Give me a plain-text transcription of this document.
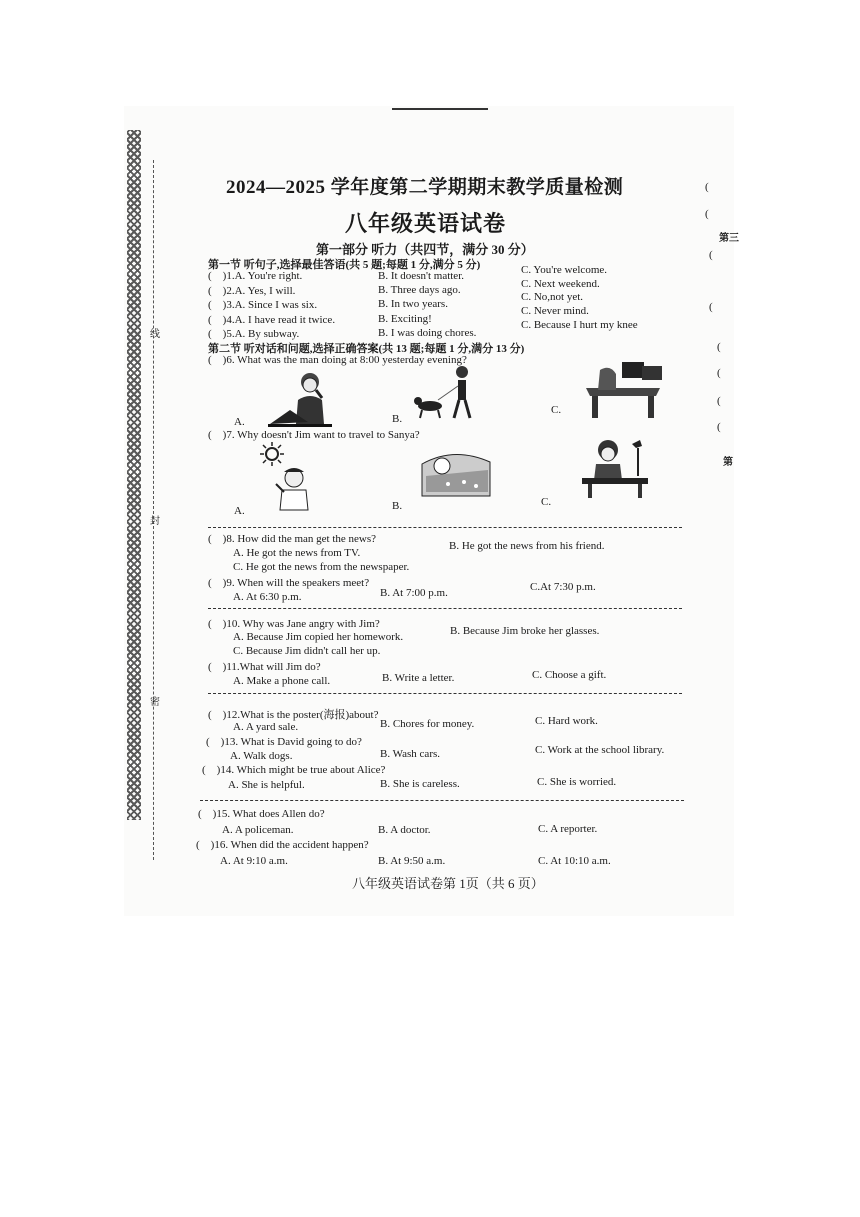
线
封
密
(
(
第三
(
(
(
(
(
(
第
2024—2025 学年度第二学期期末教学质量检测
八年级英语试卷
第一部分 听力（共四节，满分 30 分）
第一节 听句子,选择最佳答语(共 5 题;每题 1 分,满分 5 分)
(    )1.A. You're right.	B. It doesn't matter.	C. You're welcome.
(    )2.A. Yes, I will.	B. Three days ago.	C. Next weekend.
(    )3.A. Since I was six.	B. In two years.
C. No,not yet.
(    )4.A. I have read it twice.	B. Exciting!
C. Never mind.
(    )5.A. By subway.	B. I was doing chores.
C. Because I hurt my knee
第二节 听对话和问题,选择正确答案(共 13 题;每题 1 分,满分 13 分)
(    )6. What was the man doing at 8:00 yesterday evening?
A.	B.
C.
(    )7. Why doesn't Jim want to travel to Sanya?
A.	B.	C.
(    )8. How did the man get the news?
A. He got the news from TV.
B. He got the news from his friend.
C. He got the news from the newspaper.
(    )9. When will the speakers meet?
A. At 6:30 p.m.	B. At 7:00 p.m.	C.At 7:30 p.m.
(    )10. Why was Jane angry with Jim?
A. Because Jim copied her homework.	B. Because Jim broke her glasses.
C. Because Jim didn't call her up.
(    )11.What will Jim do?
A. Make a phone call.	B. Write a letter.	C. Choose a gift.
(    )12.What is the poster(海报)about?
A. A yard sale.	B. Chores for money.	C. Hard work.
(    )13. What is David going to do?
A. Walk dogs.	B. Wash cars.	C. Work at the school library.
(    )14. Which might be true about Alice?
A. She is helpful.	B. She is careless.	C. She is worried.
(    )15. What does Allen do?
A. A policeman.	B. A doctor.	C. A reporter.
(    )16. When did the accident happen?
A. At 9:10 a.m.	B. At 9:50 a.m.	C. At 10:10 a.m.
八年级英语试卷第 1页（共 6 页）
